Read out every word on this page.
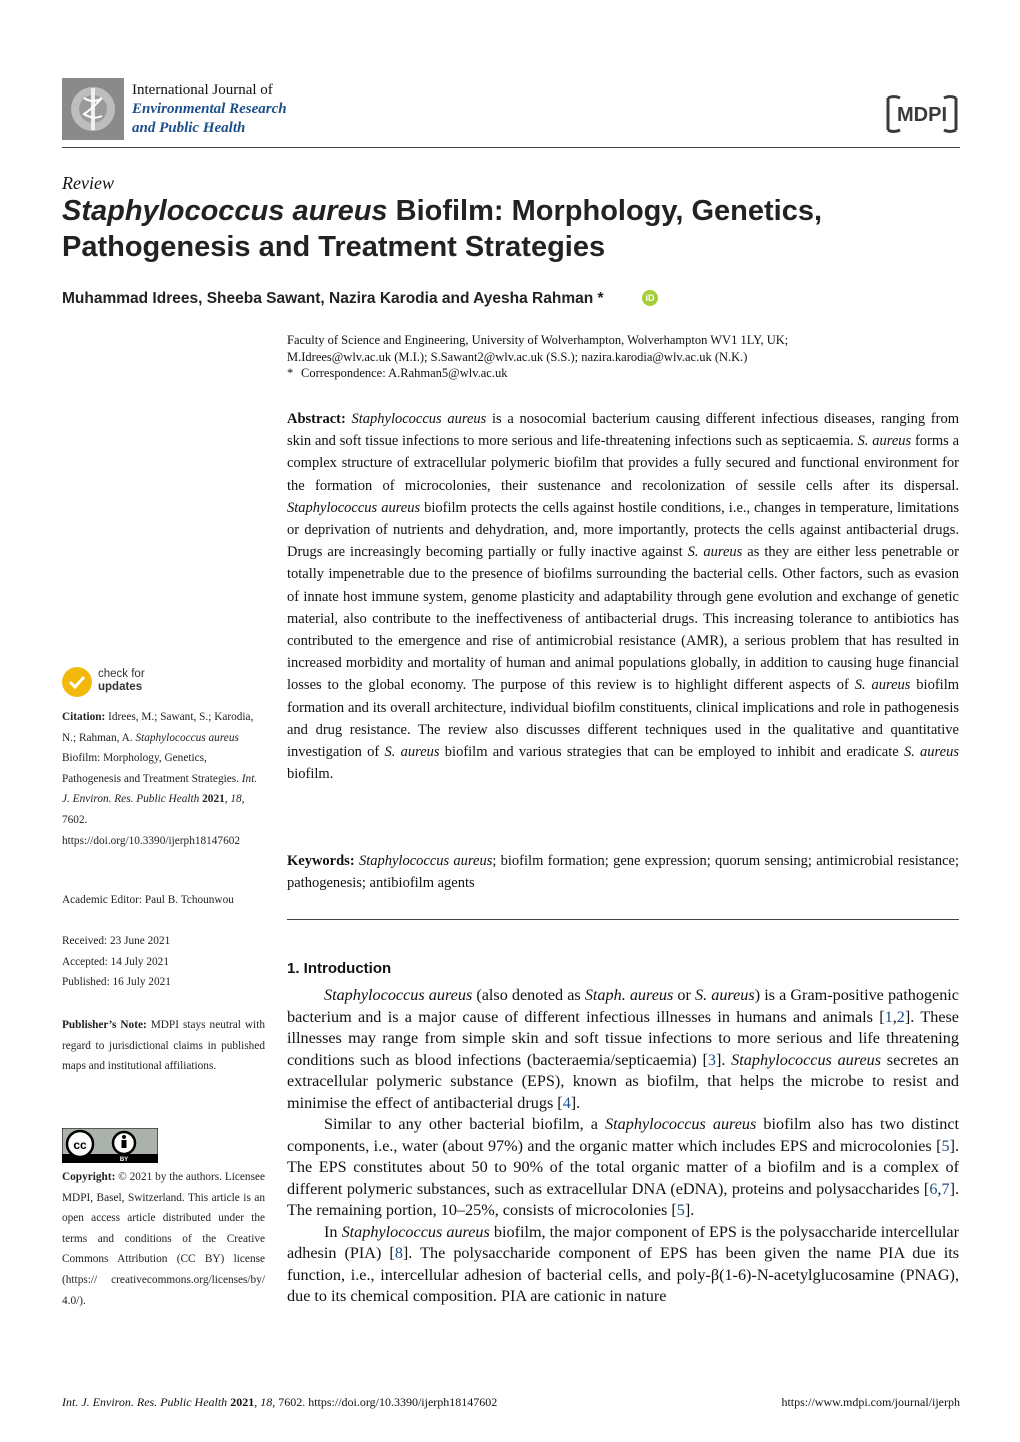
International Journal of
Environmental Research
and Public Health
MDPI
Review
Staphylococcus aureus Biofilm: Morphology, Genetics,
Pathogenesis and Treatment Strategies
Muhammad Idrees, Sheeba Sawant, Nazira Karodia and Ayesha Rahman *	iD
Faculty of Science and Engineering, University of Wolverhampton, Wolverhampton WV1 1LY, UK;
M.Idrees@wlv.ac.uk (M.I.); S.Sawant2@wlv.ac.uk (S.S.); nazira.karodia@wlv.ac.uk (N.K.)
* Correspondence: A.Rahman5@wlv.ac.uk
Abstract: Staphylococcus aureus is a nosocomial bacterium causing different infectious diseases, ranging from skin and soft tissue infections to more serious and life-threatening infections such as septicaemia. S. aureus forms a complex structure of extracellular polymeric biofilm that provides a fully secured and functional environment for the formation of microcolonies, their sustenance and recolonization of sessile cells after its dispersal. Staphylococcus aureus biofilm protects the cells against hostile conditions, i.e., changes in temperature, limitations or deprivation of nutrients and dehydration, and, more importantly, protects the cells against antibacterial drugs. Drugs are increasingly becoming partially or fully inactive against S. aureus as they are either less penetrable or totally impenetrable due to the presence of biofilms surrounding the bacterial cells. Other factors, such as evasion of innate host immune system, genome plasticity and adaptability through gene evolution and exchange of genetic material, also contribute to the ineffectiveness of antibacterial drugs. This increasing tolerance to antibiotics has contributed to the emergence and rise of antimicrobial resistance (AMR), a serious problem that has resulted in increased morbidity and mortality of human and animal populations globally, in addition to causing huge financial losses to the global economy. The purpose of this review is to highlight different aspects of S. aureus biofilm formation and its overall architecture, individual biofilm constituents, clinical implications and role in pathogenesis and drug resistance. The review also discusses different techniques used in the qualitative and quantitative investigation of S. aureus biofilm and various strategies that can be employed to inhibit and eradicate S. aureus biofilm.
Keywords: Staphylococcus aureus; biofilm formation; gene expression; quorum sensing; antimicrobial resistance; pathogenesis; antibiofilm agents
1. Introduction

Staphylococcus aureus (also denoted as Staph. aureus or S. aureus) is a Gram-positive pathogenic bacterium and is a major cause of different infectious illnesses in humans and animals [1,2]. These illnesses may range from simple skin and soft tissue infections to more serious and life threatening conditions such as blood infections (bacteraemia/septicaemia) [3]. Staphylococcus aureus secretes an extracellular polymeric substance (EPS), known as biofilm, that helps the microbe to resist and minimise the effect of antibacterial drugs [4].

Similar to any other bacterial biofilm, a Staphylococcus aureus biofilm also has two distinct components, i.e., water (about 97%) and the organic matter which includes EPS and microcolonies [5]. The EPS constitutes about 50 to 90% of the total organic matter of a biofilm and is a complex of different polymeric substances, such as extracellular DNA (eDNA), proteins and polysaccharides [6,7]. The remaining portion, 10–25%, consists of microcolonies [5].

In Staphylococcus aureus biofilm, the major component of EPS is the polysaccharide intercellular adhesin (PIA) [8]. The polysaccharide component of EPS has been given the name PIA due its function, i.e., intercellular adhesion of bacterial cells, and poly-β(1-6)-N-acetylglucosamine (PNAG), due to its chemical composition. PIA are cationic in nature

check for
updates
Citation: Idrees, M.; Sawant, S.; Karodia, N.; Rahman, A. Staphylococcus aureus Biofilm: Morphology, Genetics, Pathogenesis and Treatment Strategies. Int. J. Environ. Res. Public Health 2021, 18, 7602. https://doi.org/10.3390/ijerph18147602
Academic Editor: Paul B. Tchounwou
Received: 23 June 2021
Accepted: 14 July 2021
Published: 16 July 2021
Publisher’s Note: MDPI stays neutral with regard to jurisdictional claims in published maps and institutional affiliations.
cc
BY
Copyright: © 2021 by the authors. Licensee MDPI, Basel, Switzerland. This article is an open access article distributed under the terms and conditions of the Creative Commons Attribution (CC BY) license (https:// creativecommons.org/licenses/by/ 4.0/).
Int. J. Environ. Res. Public Health 2021, 18, 7602. https://doi.org/10.3390/ijerph18147602	https://www.mdpi.com/journal/ijerph
